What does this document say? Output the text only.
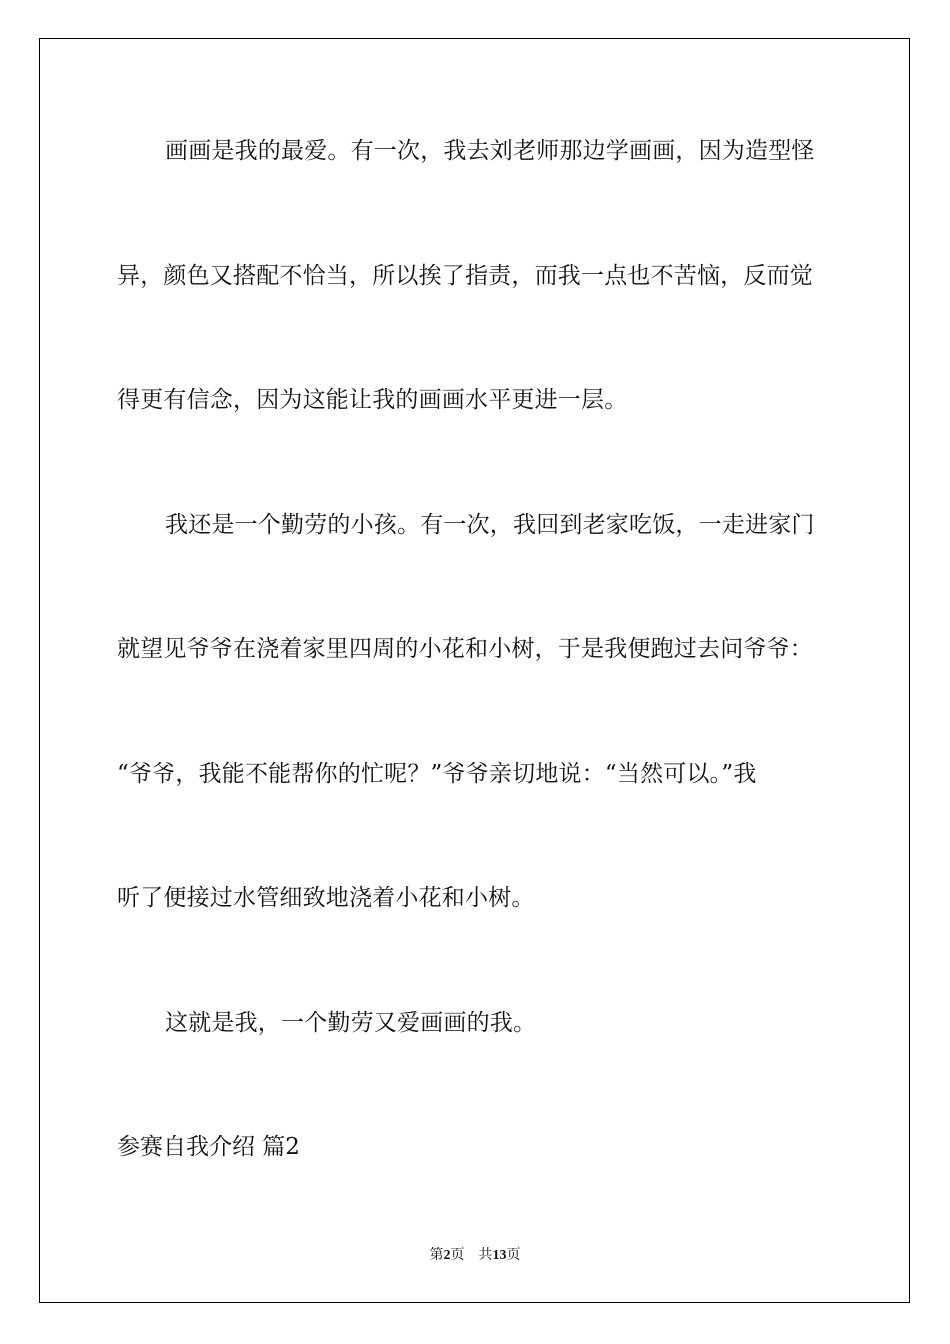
画画是我的最爱。有一次，我去刘老师那边学画画，因为造型怪
异，颜色又搭配不恰当，所以挨了指责，而我一点也不苦恼，反而觉
得更有信念，因为这能让我的画画水平更进一层。
我还是一个勤劳的小孩。有一次，我回到老家吃饭，一走进家门
就望见爷爷在浇着家里四周的小花和小树，于是我便跑过去问爷爷：
“爷爷，我能不能帮你的忙呢？”爷爷亲切地说：“当然可以。”我
听了便接过水管细致地浇着小花和小树。
这就是我，一个勤劳又爱画画的我。
参赛自我介绍 篇2
第2页 共13页
